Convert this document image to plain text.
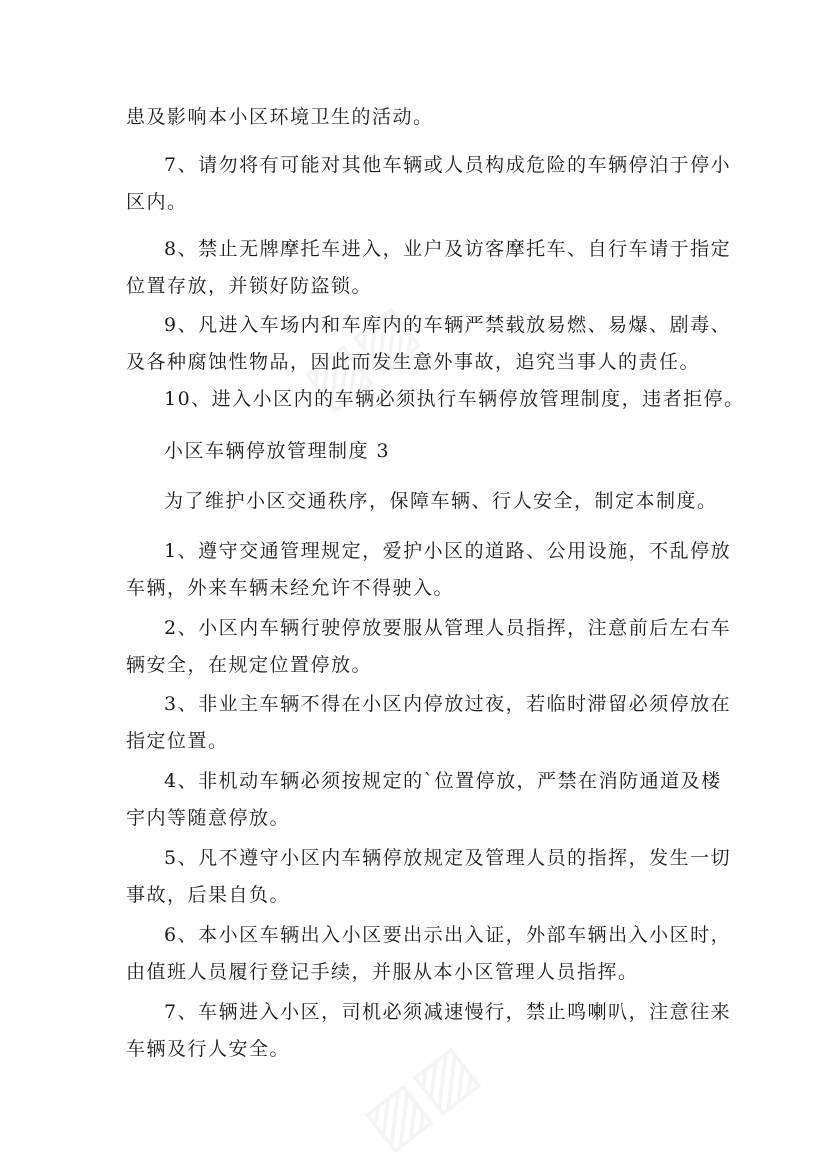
▨▨
▨▨

患及影响本小区环境卫生的活动。

7、请勿将有可能对其他车辆或人员构成危险的车辆停泊于停小
区内。

8、禁止无牌摩托车进入，业户及访客摩托车、自行车请于指定
位置存放，并锁好防盗锁。

9、凡进入车场内和车库内的车辆严禁载放易燃、易爆、剧毒、
及各种腐蚀性物品，因此而发生意外事故，追究当事人的责任。

10、进入小区内的车辆必须执行车辆停放管理制度，违者拒停。

小区车辆停放管理制度 3

为了维护小区交通秩序，保障车辆、行人安全，制定本制度。

1、遵守交通管理规定，爱护小区的道路、公用设施，不乱停放
车辆，外来车辆未经允许不得驶入。

2、小区内车辆行驶停放要服从管理人员指挥，注意前后左右车
辆安全，在规定位置停放。

3、非业主车辆不得在小区内停放过夜，若临时滞留必须停放在
指定位置。

4、非机动车辆必须按规定的`位置停放，严禁在消防通道及楼
宇内等随意停放。

5、凡不遵守小区内车辆停放规定及管理人员的指挥，发生一切
事故，后果自负。

6、本小区车辆出入小区要出示出入证，外部车辆出入小区时，
由值班人员履行登记手续，并服从本小区管理人员指挥。

7、车辆进入小区，司机必须减速慢行，禁止鸣喇叭，注意往来
车辆及行人安全。
